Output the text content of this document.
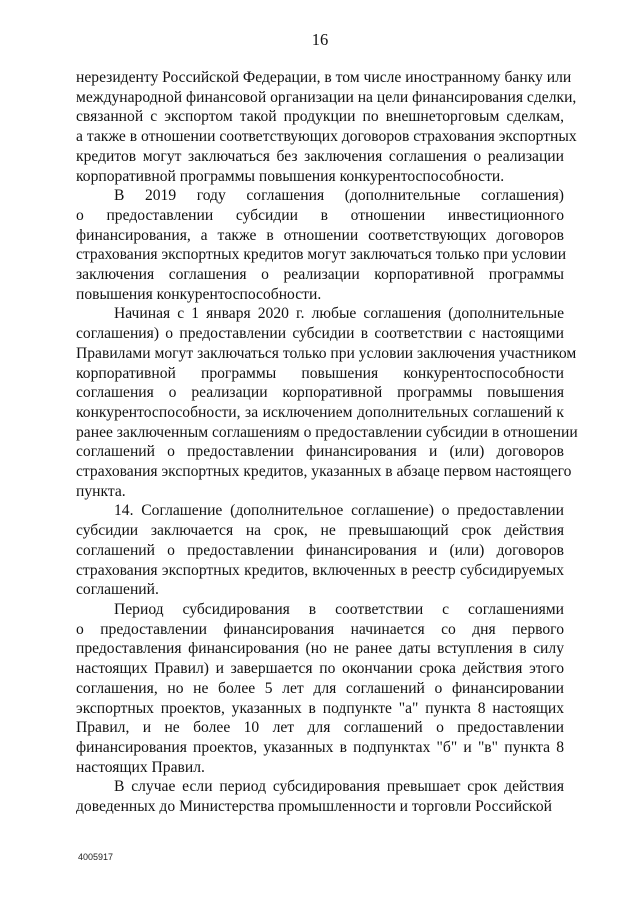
16

нерезиденту Российской Федерации, в том числе иностранному банку или
международной финансовой организации на цели финансирования сделки,
связанной с экспортом такой продукции по внешнеторговым сделкам,
а также в отношении соответствующих договоров страхования экспортных
кредитов могут заключаться без заключения соглашения о реализации
корпоративной программы повышения конкурентоспособности.

В 2019 году соглашения (дополнительные соглашения)
о предоставлении субсидии в отношении инвестиционного
финансирования, а также в отношении соответствующих договоров
страхования экспортных кредитов могут заключаться только при условии
заключения соглашения о реализации корпоративной программы
повышения конкурентоспособности.

Начиная с 1 января 2020 г. любые соглашения (дополнительные
соглашения) о предоставлении субсидии в соответствии с настоящими
Правилами могут заключаться только при условии заключения участником
корпоративной программы повышения конкурентоспособности
соглашения о реализации корпоративной программы повышения
конкурентоспособности, за исключением дополнительных соглашений к
ранее заключенным соглашениям о предоставлении субсидии в отношении
соглашений о предоставлении финансирования и (или) договоров
страхования экспортных кредитов, указанных в абзаце первом настоящего
пункта.

14. Соглашение (дополнительное соглашение) о предоставлении
субсидии заключается на срок, не превышающий срок действия
соглашений о предоставлении финансирования и (или) договоров
страхования экспортных кредитов, включенных в реестр субсидируемых
соглашений.

Период субсидирования в соответствии с соглашениями
о предоставлении финансирования начинается со дня первого
предоставления финансирования (но не ранее даты вступления в силу
настоящих Правил) и завершается по окончании срока действия этого
соглашения, но не более 5 лет для соглашений о финансировании
экспортных проектов, указанных в подпункте "а" пункта 8 настоящих
Правил, и не более 10 лет для соглашений о предоставлении
финансирования проектов, указанных в подпунктах "б" и "в" пункта 8
настоящих Правил.

В случае если период субсидирования превышает срок действия
доведенных до Министерства промышленности и торговли Российской

4005917
